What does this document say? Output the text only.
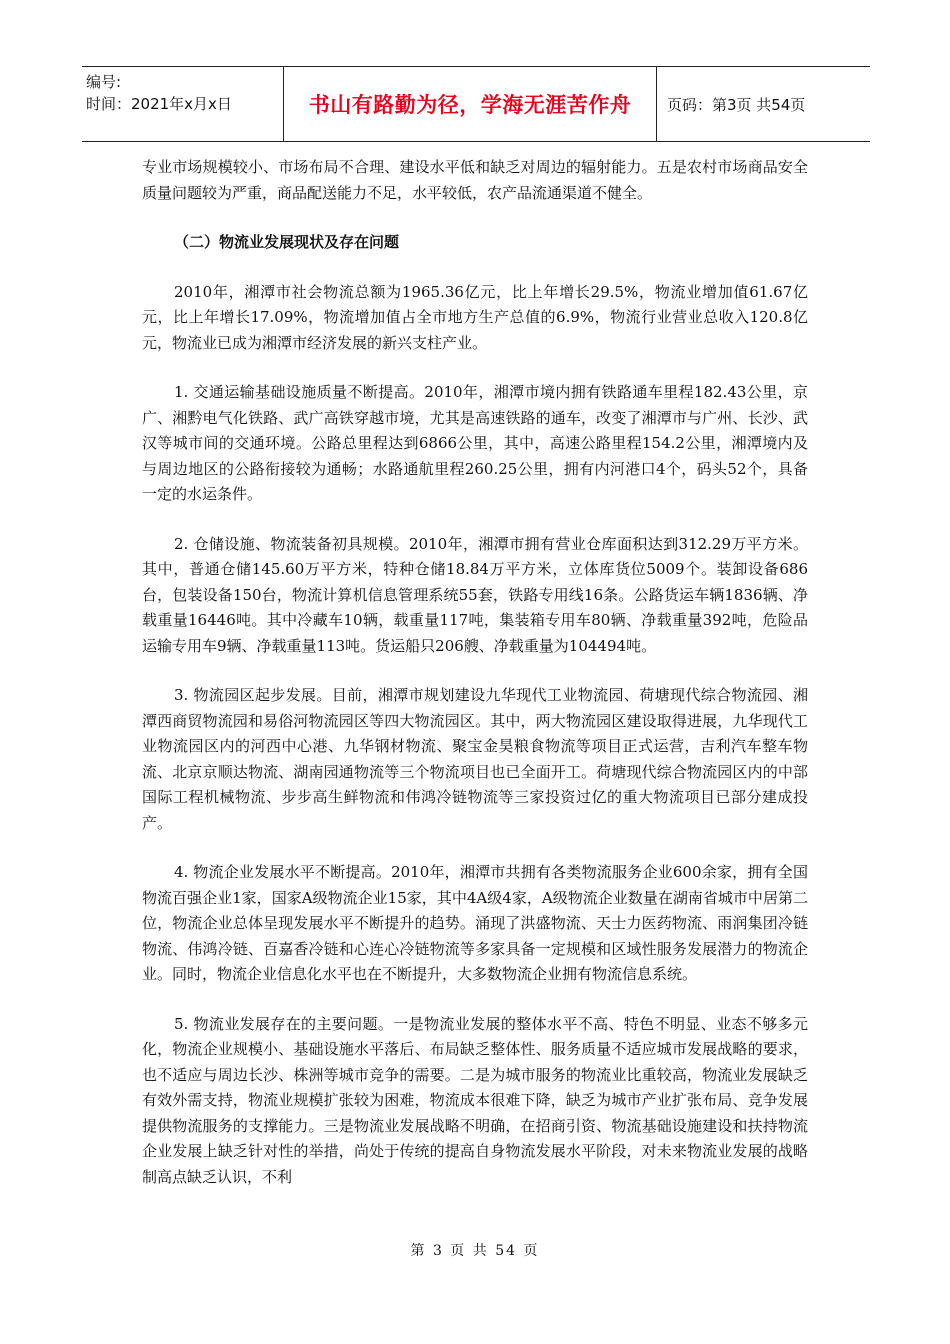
编号:
时间：2021年x月x日	书山有路勤为径，学海无涯苦作舟	页码：第3页 共54页

专业市场规模较小、市场布局不合理、建设水平低和缺乏对周边的辐射能力。五是农村市场商品安全质量问题较为严重，商品配送能力不足，水平较低，农产品流通渠道不健全。

（二）物流业发展现状及存在问题

2010年，湘潭市社会物流总额为1965.36亿元，比上年增长29.5%，物流业增加值61.67亿元，比上年增长17.09%，物流增加值占全市地方生产总值的6.9%，物流行业营业总收入120.8亿元，物流业已成为湘潭市经济发展的新兴支柱产业。

1. 交通运输基础设施质量不断提高。2010年，湘潭市境内拥有铁路通车里程182.43公里，京广、湘黔电气化铁路、武广高铁穿越市境，尤其是高速铁路的通车，改变了湘潭市与广州、长沙、武汉等城市间的交通环境。公路总里程达到6866公里，其中，高速公路里程154.2公里，湘潭境内及与周边地区的公路衔接较为通畅；水路通航里程260.25公里，拥有内河港口4个，码头52个，具备一定的水运条件。

2. 仓储设施、物流装备初具规模。2010年，湘潭市拥有营业仓库面积达到312.29万平方米。其中，普通仓储145.60万平方米，特种仓储18.84万平方米，立体库货位5009个。装卸设备686台，包装设备150台，物流计算机信息管理系统55套，铁路专用线16条。公路货运车辆1836辆、净载重量16446吨。其中冷藏车10辆，载重量117吨，集装箱专用车80辆、净载重量392吨，危险品运输专用车9辆、净载重量113吨。货运船只206艘、净载重量为104494吨。

3. 物流园区起步发展。目前，湘潭市规划建设九华现代工业物流园、荷塘现代综合物流园、湘潭西商贸物流园和易俗河物流园区等四大物流园区。其中，两大物流园区建设取得进展，九华现代工业物流园区内的河西中心港、九华钢材物流、聚宝金昊粮食物流等项目正式运营，吉利汽车整车物流、北京京顺达物流、湖南园通物流等三个物流项目也已全面开工。荷塘现代综合物流园区内的中部国际工程机械物流、步步高生鲜物流和伟鸿冷链物流等三家投资过亿的重大物流项目已部分建成投产。

4. 物流企业发展水平不断提高。2010年，湘潭市共拥有各类物流服务企业600余家，拥有全国物流百强企业1家，国家A级物流企业15家，其中4A级4家，A级物流企业数量在湖南省城市中居第二位，物流企业总体呈现发展水平不断提升的趋势。涌现了洪盛物流、天士力医药物流、雨润集团冷链物流、伟鸿冷链、百嘉香冷链和心连心冷链物流等多家具备一定规模和区域性服务发展潜力的物流企业。同时，物流企业信息化水平也在不断提升，大多数物流企业拥有物流信息系统。

5. 物流业发展存在的主要问题。一是物流业发展的整体水平不高、特色不明显、业态不够多元化，物流企业规模小、基础设施水平落后、布局缺乏整体性、服务质量不适应城市发展战略的要求，也不适应与周边长沙、株洲等城市竞争的需要。二是为城市服务的物流业比重较高，物流业发展缺乏有效外需支持，物流业规模扩张较为困难，物流成本很难下降，缺乏为城市产业扩张布局、竞争发展提供物流服务的支撑能力。三是物流业发展战略不明确，在招商引资、物流基础设施建设和扶持物流企业发展上缺乏针对性的举措，尚处于传统的提高自身物流发展水平阶段，对未来物流业发展的战略制高点缺乏认识，不利

第 3 页 共 54 页
